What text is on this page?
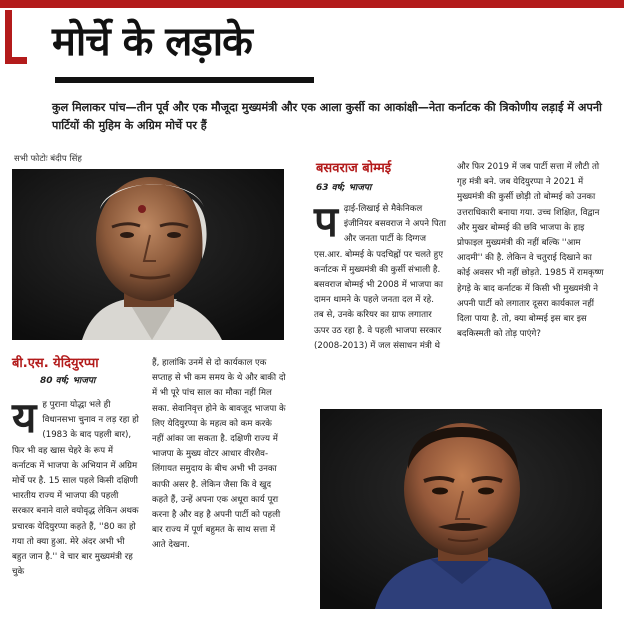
मोर्चे के लड़ाके
कुल मिलाकर पांच—तीन पूर्व और एक मौजूदा मुख्यमंत्री और एक आला कुर्सी का आकांक्षी—नेता कर्नाटक की त्रिकोणीय लड़ाई में अपनी पार्टियों की मुहिम के अग्रिम मोर्चे पर हैं
सभी फोटोः बंदीप सिंह
बी.एस. येदियुरप्पा
80 वर्ष; भाजपा
यह पुराना योद्धा भले ही विधानसभा चुनाव न लड़ रहा हो (1983 के बाद पहली बार), फिर भी वह खास चेहरे के रूप में कर्नाटक में भाजपा के अभियान में अग्रिम मोर्चे पर है. 15 साल पहले किसी दक्षिणी भारतीय राज्य में भाजपा की पहली सरकार बनाने वाले वयोवृद्ध लेकिन अथक प्रचारक येदियुरप्पा कहते हैं, ''80 का हो गया तो क्या हुआ. मेरे अंदर अभी भी बहुत जान है.'' वे चार बार मुख्यमंत्री रह चुके
हैं, हालांकि उनमें से दो कार्यकाल एक सप्ताह से भी कम समय के थे और बाकी दो में भी पूरे पांच साल का मौका नहीं मिल सका. सेवानिवृत्त होने के बावजूद भाजपा के लिए येदियुरप्पा के महत्व को कम करके नहीं आंका जा सकता है. दक्षिणी राज्य में भाजपा के मुख्य वोटर आधार वीरशैव-लिंगायत समुदाय के बीच अभी भी उनका काफी असर है. लेकिन जैसा कि वे खुद कहते हैं, उन्हें अपना एक अधूरा कार्य पूरा करना है और वह है अपनी पार्टी को पहली बार राज्य में पूर्ण बहुमत के साथ सत्ता में आते देखना.
बसवराज बोम्मई
63 वर्ष; भाजपा
पढ़ाई-लिखाई से मैकेनिकल इंजीनियर बसवराज ने अपने पिता और जनता पार्टी के दिग्गज एस.आर. बोम्मई के पदचिह्नों पर चलते हुए कर्नाटक में मुख्यमंत्री की कुर्सी संभाली है. बसवराज बोम्मई भी 2008 में भाजपा का दामन थामने के पहले जनता दल में रहे. तब से, उनके करियर का ग्राफ लगातार ऊपर उठ रहा है. वे पहली भाजपा सरकार (2008-2013) में जल संसाधन मंत्री थे
और फिर 2019 में जब पार्टी सत्ता में लौटी तो गृह मंत्री बने. जब येदियुरप्पा ने 2021 में मुख्यमंत्री की कुर्सी छोड़ी तो बोम्मई को उनका उत्तराधिकारी बनाया गया. उच्च शिक्षित, विद्वान और मुखर बोम्मई की छवि भाजपा के हाइ प्रोफाइल मुख्यमंत्री की नहीं बल्कि ''आम आदमी'' की है. लेकिन वे चतुराई दिखाने का कोई अवसर भी नहीं छोड़ते. 1985 में रामकृष्ण हेगड़े के बाद कर्नाटक में किसी भी मुख्यमंत्री ने अपनी पार्टी को लगातार दूसरा कार्यकाल नहीं दिला पाया है. तो, क्या बोम्मई इस बार इस बदकिस्मती को तोड़ पाएंगे?
